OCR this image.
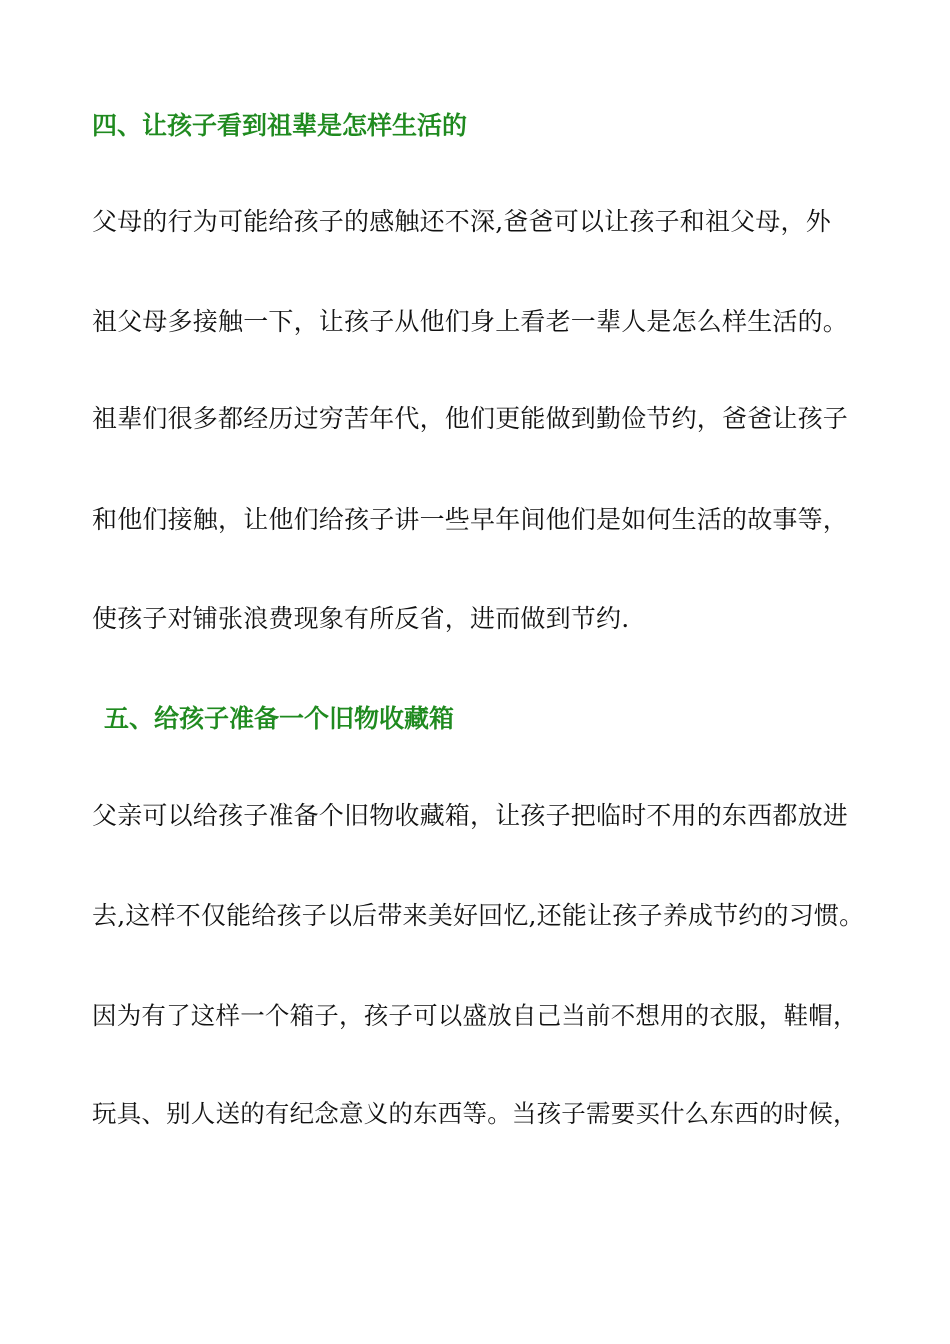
四、让孩子看到祖辈是怎样生活的
父母的行为可能给孩子的感触还不深,爸爸可以让孩子和祖父母，外
祖父母多接触一下，让孩子从他们身上看老一辈人是怎么样生活的。
祖辈们很多都经历过穷苦年代，他们更能做到勤俭节约，爸爸让孩子
和他们接触，让他们给孩子讲一些早年间他们是如何生活的故事等，
使孩子对铺张浪费现象有所反省，进而做到节约.
五、给孩子准备一个旧物收藏箱
父亲可以给孩子准备个旧物收藏箱，让孩子把临时不用的东西都放进
去,这样不仅能给孩子以后带来美好回忆,还能让孩子养成节约的习惯。
因为有了这样一个箱子，孩子可以盛放自己当前不想用的衣服，鞋帽，
玩具、别人送的有纪念意义的东西等。当孩子需要买什么东西的时候，
